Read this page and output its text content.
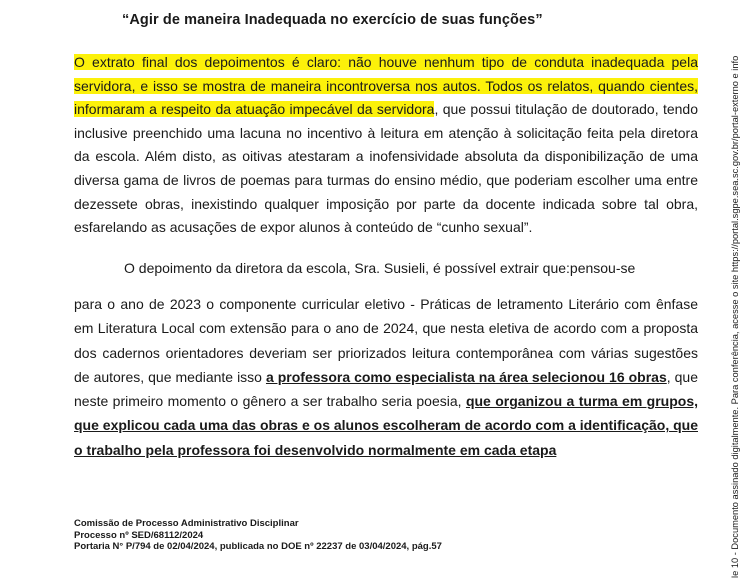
“Agir de maneira Inadequada no exercício de suas funções”
O extrato final dos depoimentos é claro: não houve nenhum tipo de conduta inadequada pela servidora, e isso se mostra de maneira incontroversa nos autos. Todos os relatos, quando cientes, informaram a respeito da atuação impecável da servidora, que possui titulação de doutorado, tendo inclusive preenchido uma lacuna no incentivo à leitura em atenção à solicitação feita pela diretora da escola. Além disto, as oitivas atestaram a inofensividade absoluta da disponibilização de uma diversa gama de livros de poemas para turmas do ensino médio, que poderiam escolher uma entre dezessete obras, inexistindo qualquer imposição por parte da docente indicada sobre tal obra, esfarelando as acusações de expor alunos à conteúdo de “cunho sexual”.
O depoimento da diretora da escola, Sra. Susieli, é possível extrair que:pensou-se
para o ano de 2023 o componente curricular eletivo - Práticas de letramento Literário com ênfase em Literatura Local com extensão para o ano de 2024, que nesta eletiva de acordo com a proposta dos cadernos orientadores deveriam ser priorizados leitura contemporânea com várias sugestões de autores, que mediante isso a professora como especialista na área selecionou 16 obras, que neste primeiro momento o gênero a ser trabalho seria poesia, que organizou a turma em grupos, que explicou cada uma das obras e os alunos escolheram de acordo com a identificação, que o trabalho pela professora foi desenvolvido normalmente em cada etapa
Comissão de Processo Administrativo Disciplinar
Processo nº SED/68112/2024
Portaria N° P/794 de 02/04/2024, publicada no DOE nº 22237 de 03/04/2024, pág.57	le 10 - Documento assinado digitalmente. Para conferência, acesse o site https://portal.sgpe.sea.sc.gov.br/portal-externo e info
